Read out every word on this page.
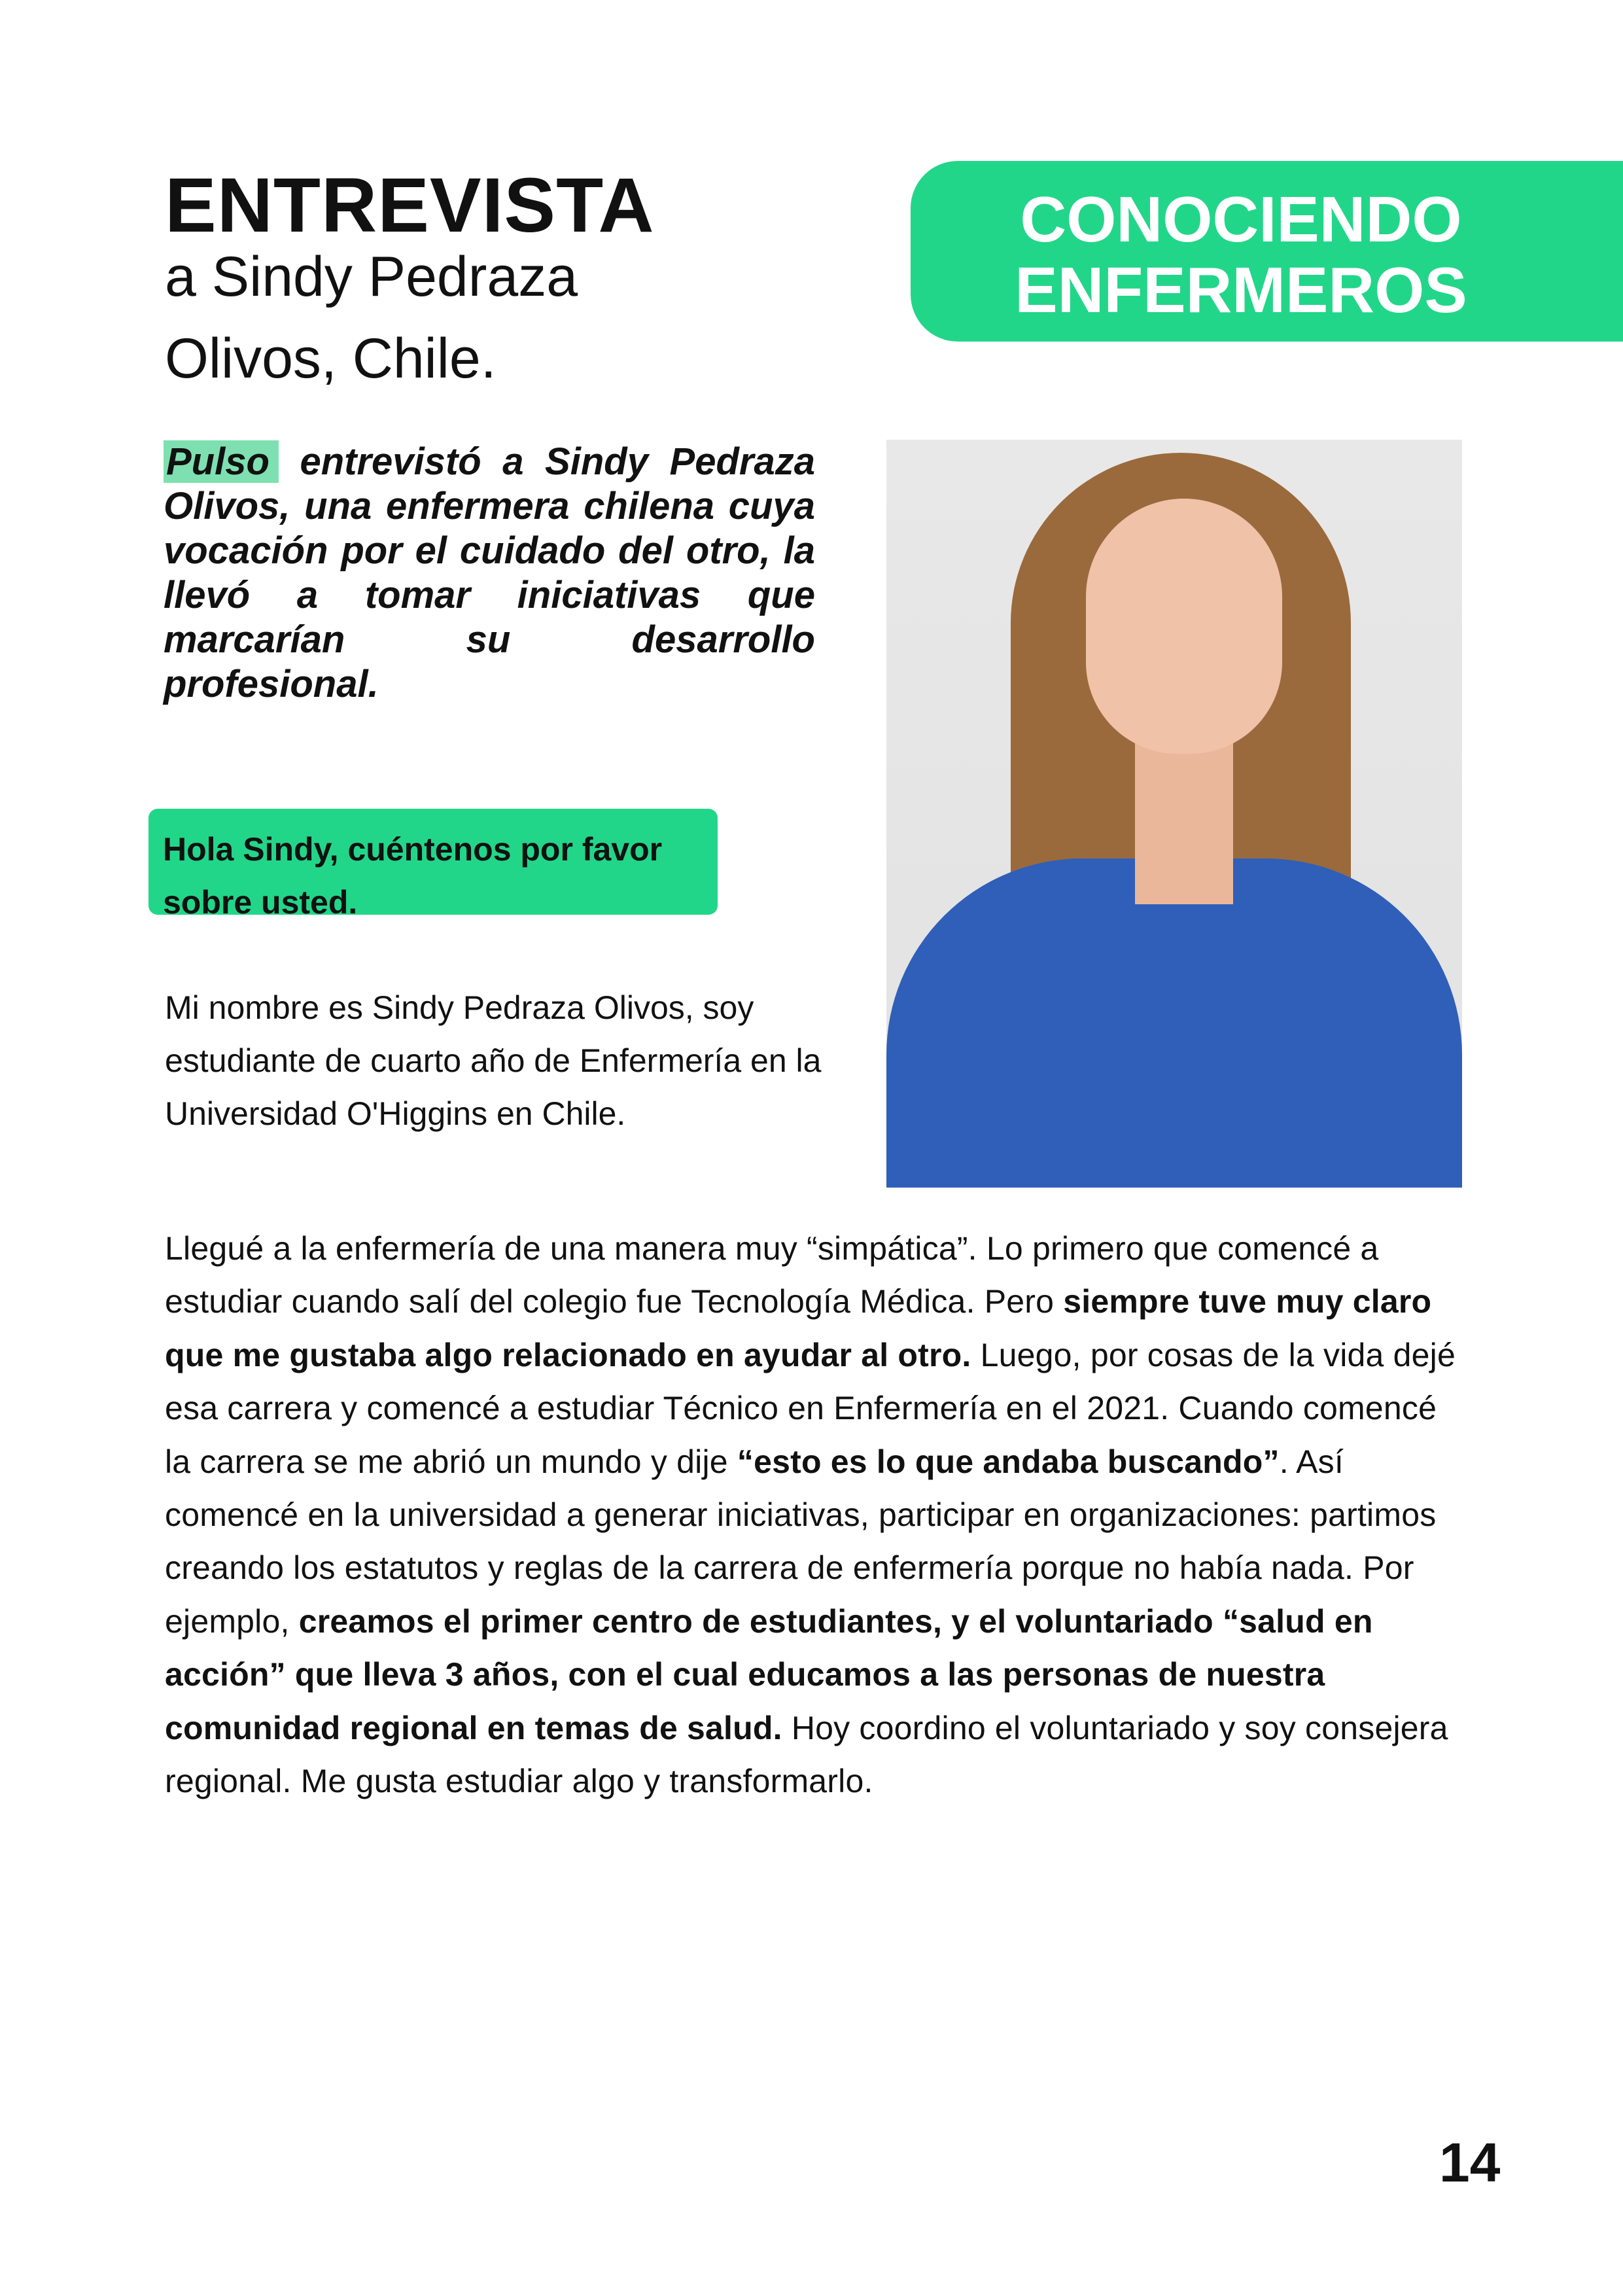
ENTREVISTA
a Sindy Pedraza
Olivos, Chile.
CONOCIENDO
ENFERMEROS
Pulso entrevistó a Sindy Pedraza Olivos, una enfermera chilena cuya vocación por el cuidado del otro, la llevó a tomar iniciativas que marcarían su desarrollo profesional.
Hola Sindy, cuéntenos por favor sobre usted.
Mi nombre es Sindy Pedraza Olivos, soy estudiante de cuarto año de Enfermería en la Universidad O'Higgins en Chile.
Llegué a la enfermería de una manera muy “simpática”. Lo primero que comencé a estudiar cuando salí del colegio fue Tecnología Médica. Pero siempre tuve muy claro que me gustaba algo relacionado en ayudar al otro. Luego, por cosas de la vida dejé esa carrera y comencé a estudiar Técnico en Enfermería en el 2021. Cuando comencé la carrera se me abrió un mundo y dije “esto es lo que andaba buscando”. Así comencé en la universidad a generar iniciativas, participar en organizaciones: partimos creando los estatutos y reglas de la carrera de enfermería porque no había nada. Por ejemplo, creamos el primer centro de estudiantes, y el voluntariado “salud en acción” que lleva 3 años, con el cual educamos a las personas de nuestra comunidad regional en temas de salud. Hoy coordino el voluntariado y soy consejera regional. Me gusta estudiar algo y transformarlo.
14
